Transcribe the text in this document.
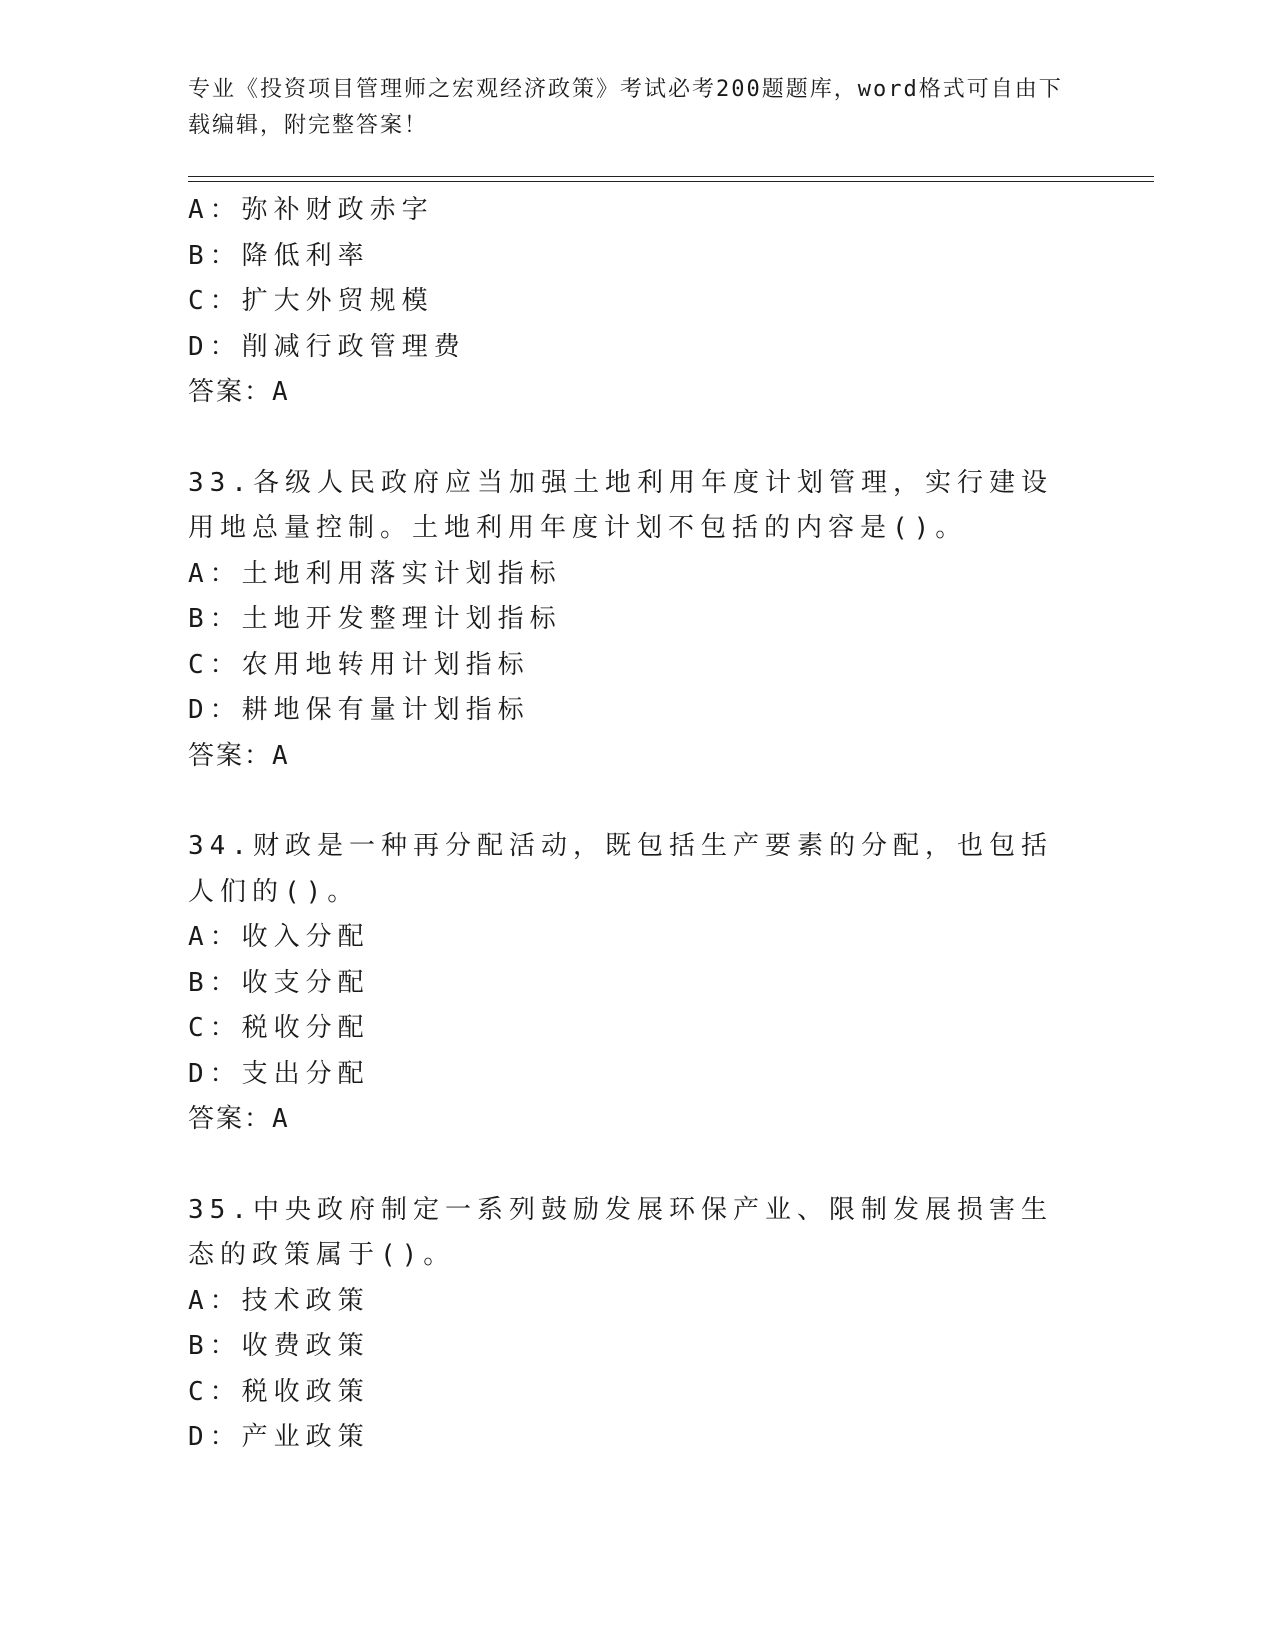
专业《投资项目管理师之宏观经济政策》考试必考200题题库，word格式可自由下载编辑，附完整答案！
A：弥补财政赤字
B：降低利率
C：扩大外贸规模
D：削减行政管理费
答案：A
33.各级人民政府应当加强土地利用年度计划管理，实行建设用地总量控制。土地利用年度计划不包括的内容是()。
A：土地利用落实计划指标
B：土地开发整理计划指标
C：农用地转用计划指标
D：耕地保有量计划指标
答案：A
34.财政是一种再分配活动，既包括生产要素的分配，也包括人们的()。
A：收入分配
B：收支分配
C：税收分配
D：支出分配
答案：A
35.中央政府制定一系列鼓励发展环保产业、限制发展损害生态的政策属于()。
A：技术政策
B：收费政策
C：税收政策
D：产业政策
